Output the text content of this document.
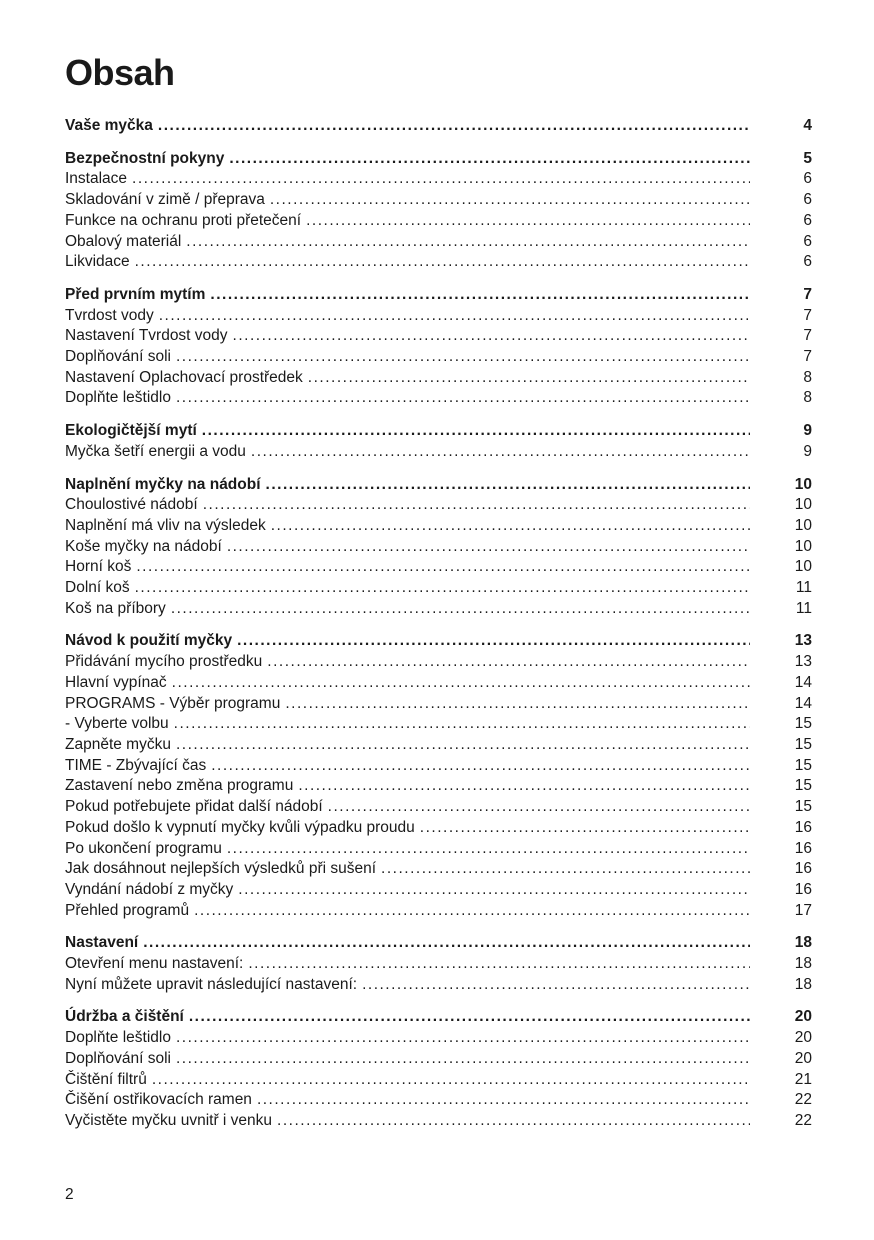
Obsah
Vaše myčka .....	4
Bezpečnostní pokyny .....	5
Instalace .....	6
Skladování v zimě / přeprava .....	6
Funkce na ochranu proti přetečení .....	6
Obalový materiál .....	6
Likvidace .....	6
Před prvním mytím .....	7
Tvrdost vody .....	7
Nastavení Tvrdost vody .....	7
Doplňování soli .....	7
Nastavení Oplachovací prostředek .....	8
Doplňte leštidlo .....	8
Ekologičtější mytí .....	9
Myčka šetří energii a vodu .....	9
Naplnění myčky na nádobí .....	10
Choulostivé nádobí .....	10
Naplnění má vliv na výsledek .....	10
Koše myčky na nádobí .....	10
Horní koš .....	10
Dolní koš .....	11
Koš na příbory .....	11
Návod k použití myčky .....	13
Přidávání mycího prostředku .....	13
Hlavní vypínač .....	14
PROGRAMS - Výběr programu .....	14
- Vyberte volbu .....	15
Zapněte myčku .....	15
TIME - Zbývající čas .....	15
Zastavení nebo změna programu .....	15
Pokud potřebujete přidat další nádobí .....	15
Pokud došlo k vypnutí myčky kvůli výpadku proudu .....	16
Po ukončení programu .....	16
Jak dosáhnout nejlepších výsledků při sušení .....	16
Vyndání nádobí z myčky .....	16
Přehled programů .....	17
Nastavení .....	18
Otevření menu nastavení: .....	18
Nyní můžete upravit následující nastavení: .....	18
Údržba a čištění .....	20
Doplňte leštidlo .....	20
Doplňování soli .....	20
Čištění filtrů .....	21
Čišění ostřikovacích ramen .....	22
Vyčistěte myčku uvnitř i venku .....	22
2
